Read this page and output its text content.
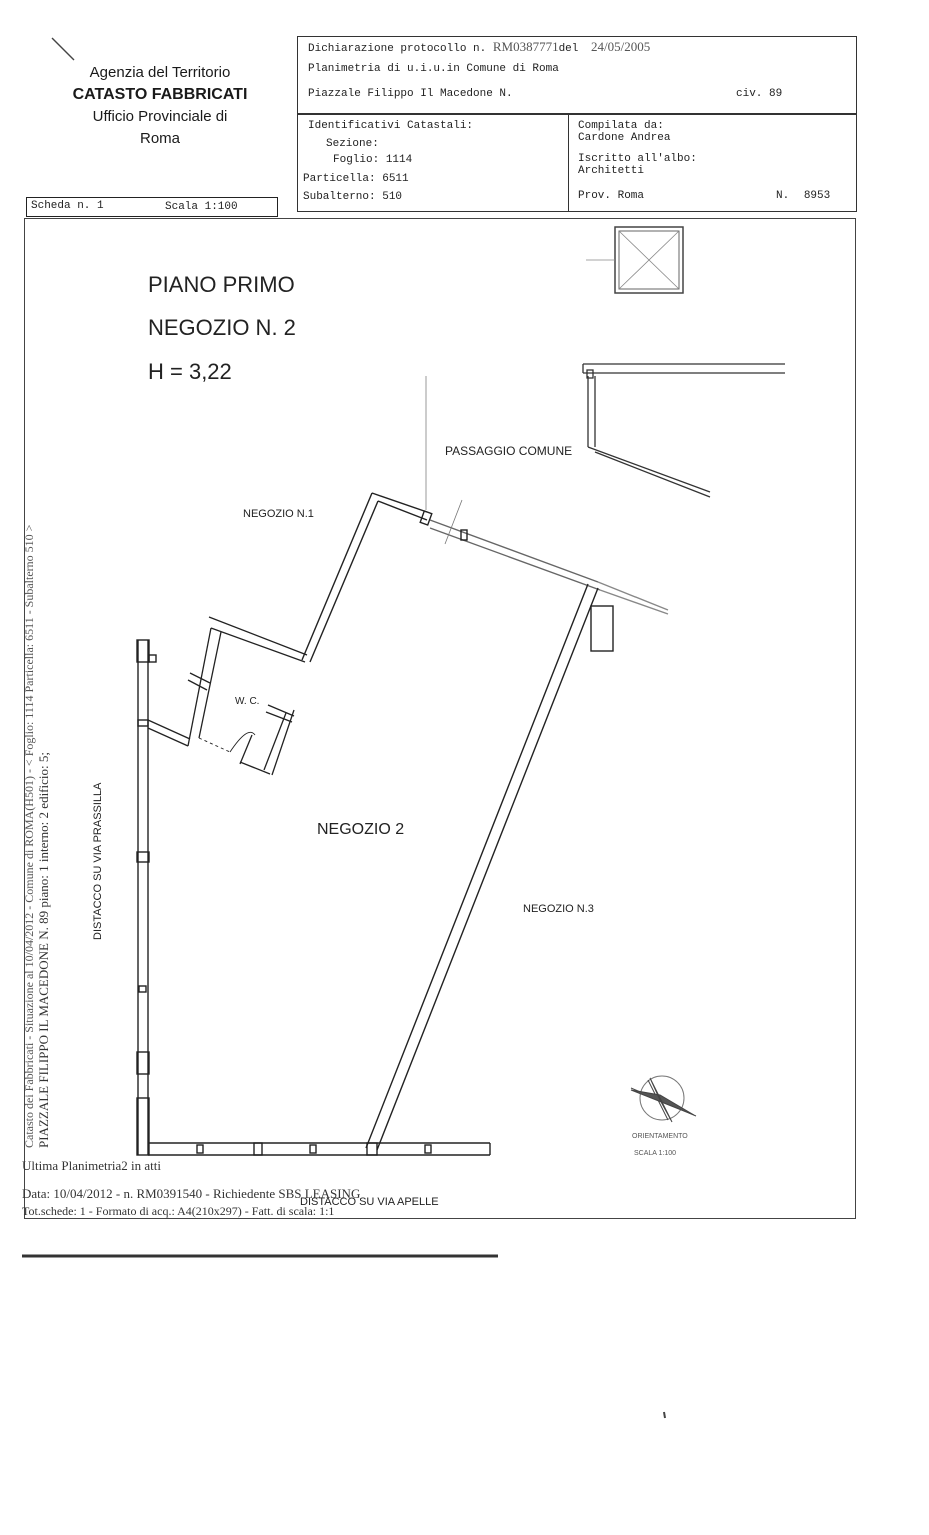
Agenzia del Territorio
CATASTO FABBRICATI
Ufficio Provinciale di
Roma
Scheda n. 1	Scala 1:100
Dichiarazione protocollo n. RM0387771del 24/05/2005
Planimetria di u.i.u.in Comune di Roma
Piazzale Filippo Il Macedone N.	civ. 89
Identificativi Catastali:
Sezione:
Foglio: 1114
Particella: 6511
Subalterno: 510
Compilata da:
Cardone Andrea
Iscritto all'albo:
Architetti
Prov. Roma	N. 8953
PIANO PRIMO
NEGOZIO N. 2
H = 3,22
PASSAGGIO COMUNE
NEGOZIO N.1
W. C.
NEGOZIO 2
NEGOZIO N.3
DISTACCO SU VIA PRASSILLA
ORIENTAMENTO
SCALA 1:100
Catasto dei Fabbricati - Situazione al 10/04/2012 - Comune di ROMA(H501) - < Foglio: 1114 Particella: 6511 - Subalterno 510 > PIAZZALE FILIPPO IL MACEDONE N. 89 piano: 1 interno: 2 edificio: 5;
Ultima Planimetria2 in atti
Data: 10/04/2012 - n. RM0391540 - Richiedente SBS LEASING
DISTACCO SU VIA APELLE
Tot.schede: 1 - Formato di acq.: A4(210x297) - Fatt. di scala: 1:1
